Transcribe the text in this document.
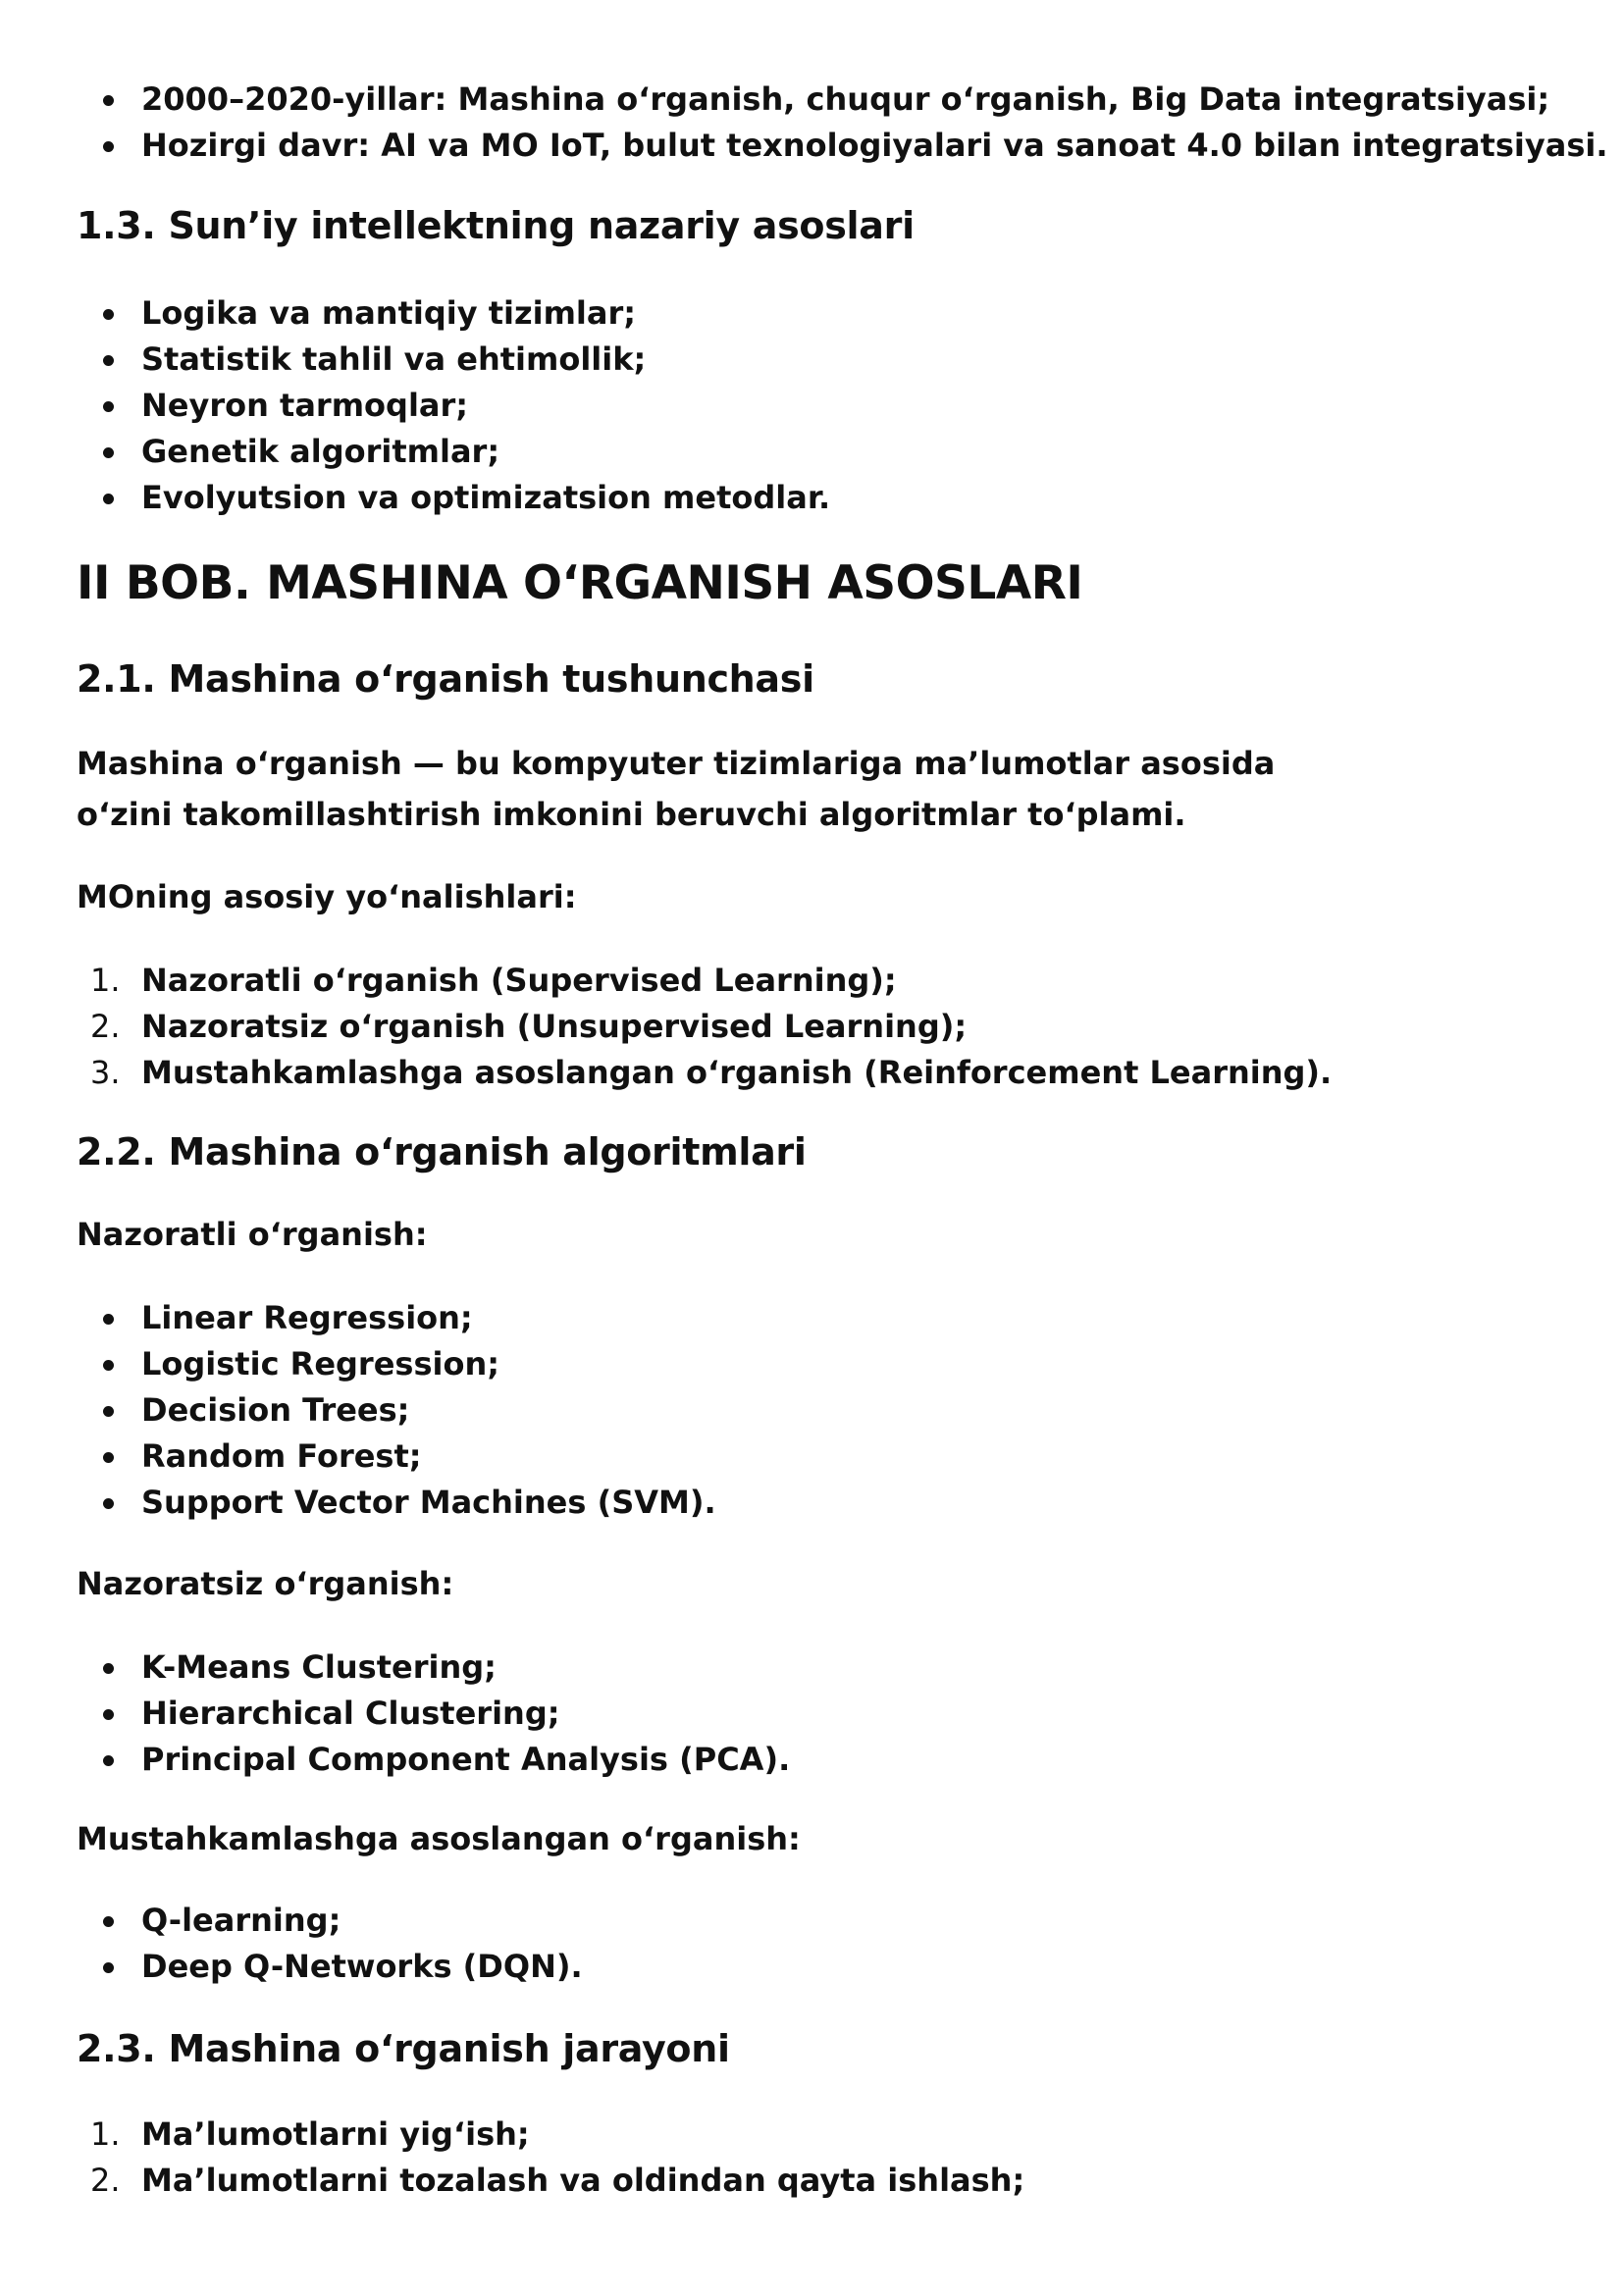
2000–2020-yillar: Mashina oʻrganish, chuqur oʻrganish, Big Data integratsiyasi;
Hozirgi davr: AI va MO IoT, bulut texnologiyalari va sanoat 4.0 bilan integratsiyasi.
1.3. Sun’iy intellektning nazariy asoslari
Logika va mantiqiy tizimlar;
Statistik tahlil va ehtimollik;
Neyron tarmoqlar;
Genetik algoritmlar;
Evolyutsion va optimizatsion metodlar.
II BOB. MASHINA OʻRGANISH ASOSLARI
2.1. Mashina oʻrganish tushunchasi

Mashina oʻrganish — bu kompyuter tizimlariga ma’lumotlar asosida oʻzini takomillashtirish imkonini beruvchi algoritmlar toʻplami.

MOning asosiy yoʻnalishlari:

1. Nazoratli oʻrganish (Supervised Learning);
2. Nazoratsiz oʻrganish (Unsupervised Learning);
3. Mustahkamlashga asoslangan oʻrganish (Reinforcement Learning).
2.2. Mashina oʻrganish algoritmlari

Nazoratli oʻrganish:

Linear Regression;
Logistic Regression;
Decision Trees;
Random Forest;
Support Vector Machines (SVM).

Nazoratsiz oʻrganish:

K-Means Clustering;
Hierarchical Clustering;
Principal Component Analysis (PCA).

Mustahkamlashga asoslangan oʻrganish:

Q-learning;
Deep Q-Networks (DQN).
2.3. Mashina oʻrganish jarayoni
1. Ma’lumotlarni yigʻish;
2. Ma’lumotlarni tozalash va oldindan qayta ishlash;
